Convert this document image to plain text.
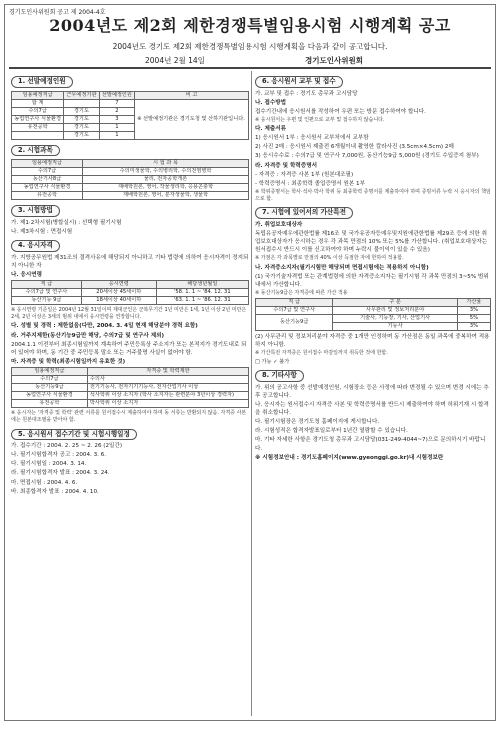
경기도인사위원회 공고 제 2004-4호
2004년도 제2회 제한경쟁특별임용시험 시행계획 공고
2004년도 경기도 제2회 제한경쟁특별임용시험 시행계획을 다음과 같이 공고합니다.
2004년 2월 14일	경기도인사위원회
1. 선발예정인원
임용예정직급	근무예정기관	선발예정인원	비 고
합 계		7	※ 선발예정기관은 경기도청 및 산하기관입니다.
수의7급	경기도	2	
농업연구사 식물환경	경기도	3	
유전공학	경기도	1	
	경기도	1	
2. 시험과목
임용예정직급	시 험 과 목
수의7급	수의미생물학, 수의병리학, 수의전염병학
동산기사8급	물리, 전자공학개론
농업연구사 식물환경	재배학원론, 영어, 작물생리학, 응용곤충학
유전공학	재배학원론, 영어, 분자생물학, 생물학
3. 시험방법

가. 제1·2차시험(병합실시) : 선택형 필기시험

나. 제3차시험 : 면접시험

4. 응시자격

가. 지방공무원법 제31조의 결격사유에 해당되지 아니하고 기타 법령에 의하여 응시자격이 정지되지 아니한 자

나. 응시연령

직 급	응시연령	해당생년월일
수의7급 및 연구사	20세이상 45세이하	'58. 1. 1 ~ '84. 12. 31
동산기능 9급	18세이상 40세이하	'63. 1. 1 ~ '86. 12. 31

※ 응시연령 기준일은 2004년 12월 31일이며 제대군인은 군복무기간 1년 미만은 1세, 1년 이상 2년 미만은 2세, 2년 이상은 3세의 범위 내에서 응시연령을 연장합니다.

다. 성별 및 경력 : 제한없음(다만, 2004. 3. 4일 현재 해당분야 경력 요함)

라. 거주지제한(동산기능9급만 해당, 수의7급 및 연구사 제외)

2004.1.1 이전부터 최종시험일까지 계속하여 주민등록상 주소지가 또는 본적지가 경기도내로 되어 있어야 하며, 동 기간 중 주민등록 말소 또는 거주불명 사실이 없어야 함.

마. 자격증 및 학력(최종시험일까지 유효한 것)

임용예정직급	자격증 및 학력제한
수의7급	수의사
동산기능9급	전기기능사, 전자기기기능사, 전자산업기사 이상
농업연구사 식물환경	석사학위 이상 소지자 (학사 소지자는 관련분야 3년이상 경력자)
유전공학	박사학위 이상 소지자

※ 응시자는 '자격증 및 학력' 관련 서류를 원서접수시 제출하여야 하며 동 서류는 반환되지 않음. 자격증 사본에는 원본대조필을 받아야 함.

5. 응시원서 접수기간 및 시험시행일정

가. 접수기간 : 2004. 2. 25 ~ 2. 26 (2일간)

나. 필기시험합격자 공고 : 2004. 3. 6.

다. 필기시험일 : 2004. 3. 14.

라. 필기시험합격자 발표 : 2004. 3. 24.

마. 면접시험 : 2004. 4. 6.

바. 최종합격자 발표 : 2004. 4. 10.

6. 응시원서 교부 및 접수

가. 교부 및 접수 : 경기도 총무과 고시담당

나. 접수방법

접수기간내에 응시원서를 작성하여 우편 또는 방문 접수하여야 합니다.

※ 응시원서는 우편 및 인편으로 교부 및 접수하지 않습니다.

다. 제출서류

1) 응시원서 1부 : 응시원서 교부처에서 교부함

2) 사진 2매 : 응시원서 제출전 6개월이내 촬영한 칼라사진 (3.5cm×4.5cm) 2매

3) 응시수수료 : 수의7급 및 연구사 7,000원, 동산기능9급 5,000원 (경기도 수입증지 첨부)

라. 자격증 및 학력증명서

- 자격증 : 자격증 사본 1부 (원본대조필)

- 학력증명서 : 최종학력 졸업증명서 원본 1부

※ 학위증명서는 학사·석사·박사 학위 등 최종학력 증명서를 제출하여야 하며 증빙서류 누락 시 응시자의 책임으로 함.

7. 시험에 있어서의 가산특전

가. 취업보호대상자

독립유공자예우에관한법률 제16조 및 국가유공자등예우및지원에관한법률 제29조 등에 의한 취업보호대상자가 응시하는 경우 각 과목 만점의 10% 또는 5%를 가산합니다. (취업보호대상자는 원서접수시 반드시 이를 신고하여야 하며 누락시 불이익이 있을 수 있음)

※ 가점은 각 과목별로 만점의 40% 이상 득점한 자에 한하여 적용함.

나. 자격증소지자(필기시험만 해당되며 면접시험에는 적용하지 아니함)

(1) 국가기술자격법 또는 관계법령에 의한 자격증소지자는 필기시험 각 과목 만점의 3~5% 범위 내에서 가산합니다.

※ 동산기능9급은 자격증에 따른 가산 적용

직 급	구 분	가산율
수의7급 및 연구사	사무관리 및 정보처리분야	3%
동산기능9급	기술사, 기능장, 기사, 산업기사	5%
	기능사	3%

(2) 사무관리 및 정보처리분야 자격증 중 1개만 인정하며 동 가산점은 동일 과목에 중복하여 적용하지 아니함.

※ 가산특전 자격증은 원서접수 마감일까지 취득한 것에 한함.

□ 가능 ✓ 불가

8. 기타사항

가. 위의 공고사항 중 선발예정인원, 시험장소 등은 사정에 따라 변경될 수 있으며 변경 시에는 추후 공고합니다.

나. 응시자는 원서접수시 자격증 사본 및 학력증명서를 반드시 제출하여야 하며 허위기재 시 합격을 취소합니다.

다. 필기시험장은 경기도청 홈페이지에 게시합니다.

라. 시험성적은 합격자발표일로부터 1년간 열람할 수 있습니다.

마. 기타 자세한 사항은 경기도청 총무과 고시담당(031-249-4044~7)으로 문의하시기 바랍니다.

※ 시험정보안내 : 경기도홈페이지(www.gyeonggi.go.kr)내 시험정보란
